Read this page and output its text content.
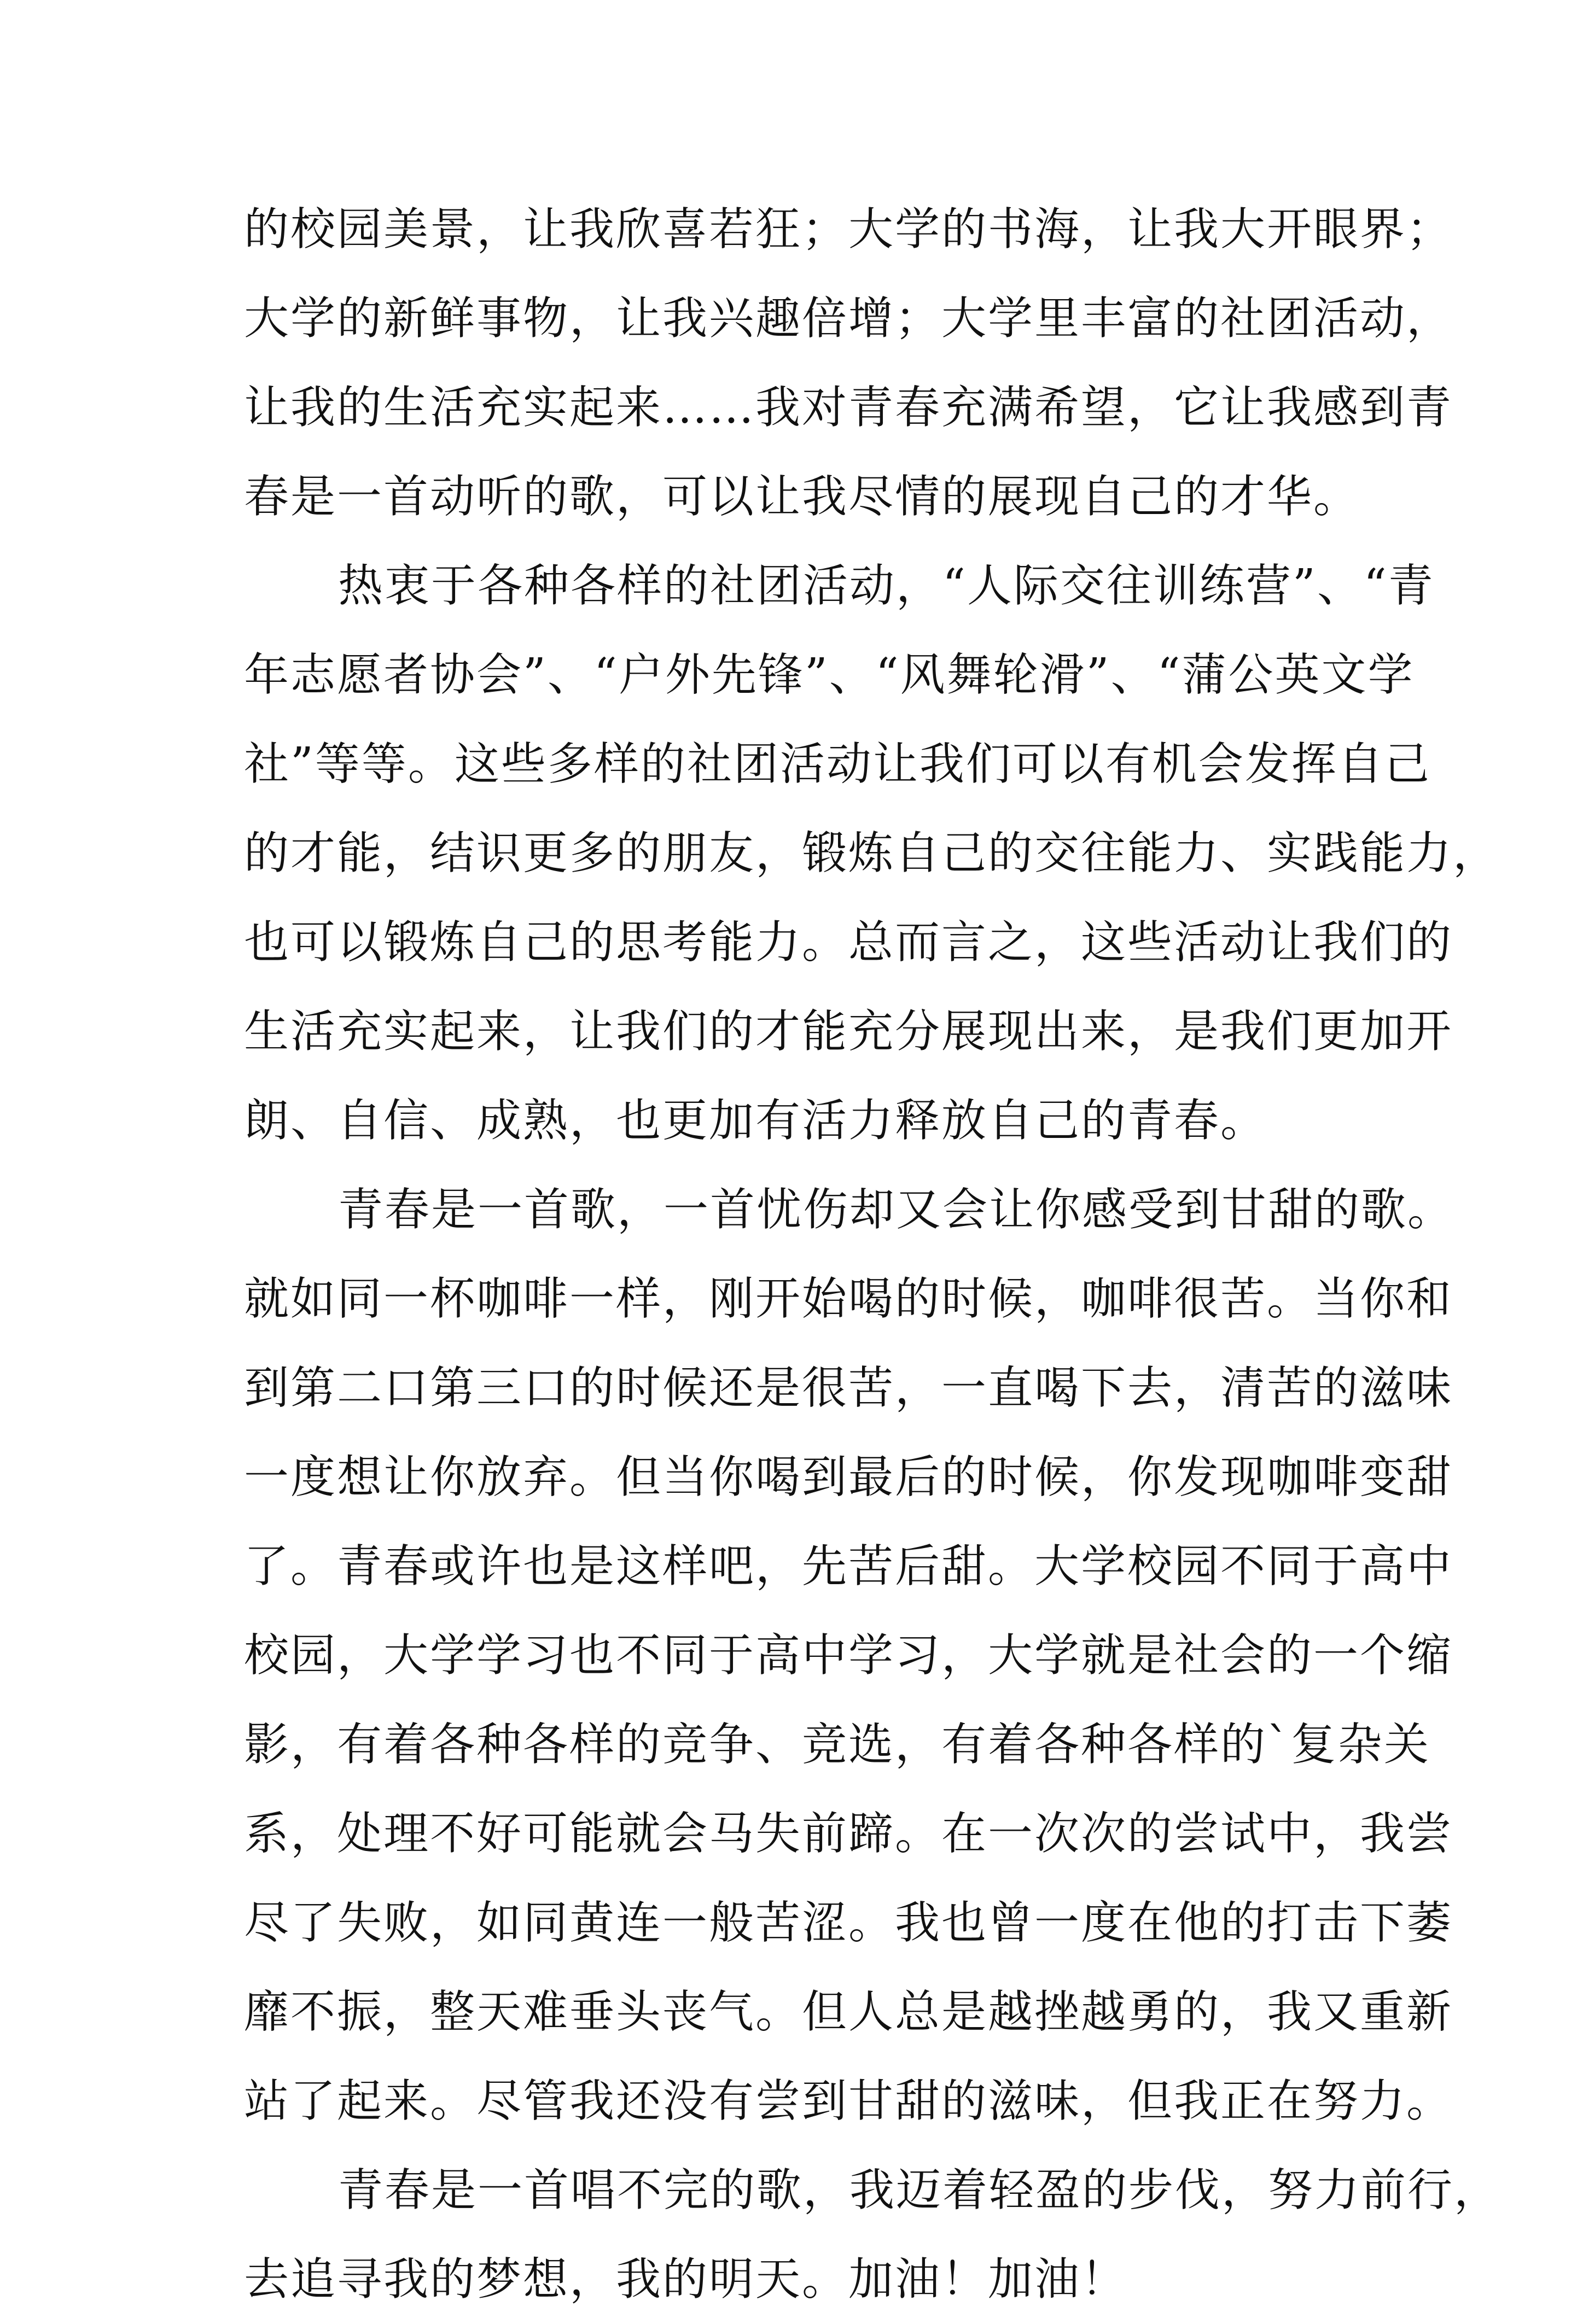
的校园美景，让我欣喜若狂；大学的书海，让我大开眼界；
大学的新鲜事物，让我兴趣倍增；大学里丰富的社团活动，
让我的生活充实起来……我对青春充满希望，它让我感到青
春是一首动听的歌，可以让我尽情的展现自己的才华。

热衷于各种各样的社团活动，“人际交往训练营”、“青
年志愿者协会”、“户外先锋”、“风舞轮滑”、“蒲公英文学
社”等等。这些多样的社团活动让我们可以有机会发挥自己
的才能，结识更多的朋友，锻炼自己的交往能力、实践能力，
也可以锻炼自己的思考能力。总而言之，这些活动让我们的
生活充实起来，让我们的才能充分展现出来，是我们更加开
朗、自信、成熟，也更加有活力释放自己的青春。

青春是一首歌，一首忧伤却又会让你感受到甘甜的歌。
就如同一杯咖啡一样，刚开始喝的时候，咖啡很苦。当你和
到第二口第三口的时候还是很苦，一直喝下去，清苦的滋味
一度想让你放弃。但当你喝到最后的时候，你发现咖啡变甜
了。青春或许也是这样吧，先苦后甜。大学校园不同于高中
校园，大学学习也不同于高中学习，大学就是社会的一个缩
影，有着各种各样的竞争、竞选，有着各种各样的`复杂关
系，处理不好可能就会马失前蹄。在一次次的尝试中，我尝
尽了失败，如同黄连一般苦涩。我也曾一度在他的打击下萎
靡不振，整天难垂头丧气。但人总是越挫越勇的，我又重新
站了起来。尽管我还没有尝到甘甜的滋味，但我正在努力。

青春是一首唱不完的歌，我迈着轻盈的步伐，努力前行，
去追寻我的梦想，我的明天。加油！加油！
